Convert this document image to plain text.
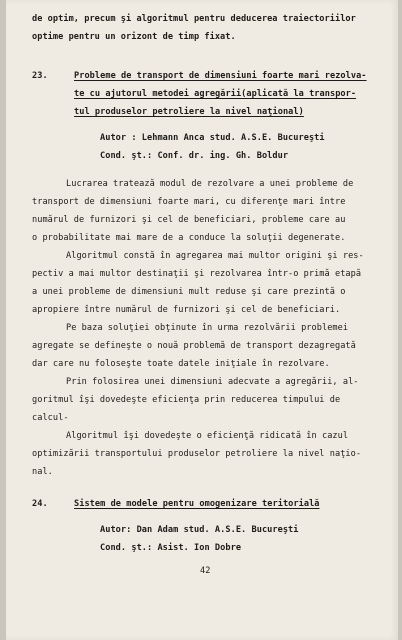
de optim, precum şi algoritmul pentru deducerea traiectoriilor
optime pentru un orizont de timp fixat.
23.	Probleme de transport de dimensiuni foarte mari rezolva-
te cu ajutorul metodei agregării(aplicată la transpor-
tul produselor petroliere la nivel naţional)
Autor : Lehmann Anca stud. A.S.E. Bucureşti
Cond. şt.: Conf. dr. ing. Gh. Boldur
Lucrarea tratează modul de rezolvare a unei probleme de
transport de dimensiuni foarte mari, cu diferenţe mari între
numărul de furnizori şi cel de beneficiari, probleme care au
o probabilitate mai mare de a conduce la soluţii degenerate.
Algoritmul constă în agregarea mai multor origini şi res-
pectiv a mai multor destinaţii şi rezolvarea într-o primă etapă
a unei probleme de dimensiuni mult reduse şi care prezintă o
apropiere între numărul de furnizori şi cel de beneficiari.
Pe baza soluţiei obţinute în urma rezolvării problemei
agregate se defineşte o nouă problemă de transport dezagregată
dar care nu foloseşte toate datele iniţiale în rezolvare.
Prin folosirea unei dimensiuni adecvate a agregării, al-
goritmul îşi dovedeşte eficienţa prin reducerea timpului de
calcul-
Algoritmul îşi dovedeşte o eficienţă ridicată în cazul
optimizării transportului produselor petroliere la nivel naţio-
nal.
24.	Sistem de modele pentru omogenizare teritorială
Autor: Dan Adam stud. A.S.E. Bucureşti
Cond. şt.: Asist. Ion Dobre
42
